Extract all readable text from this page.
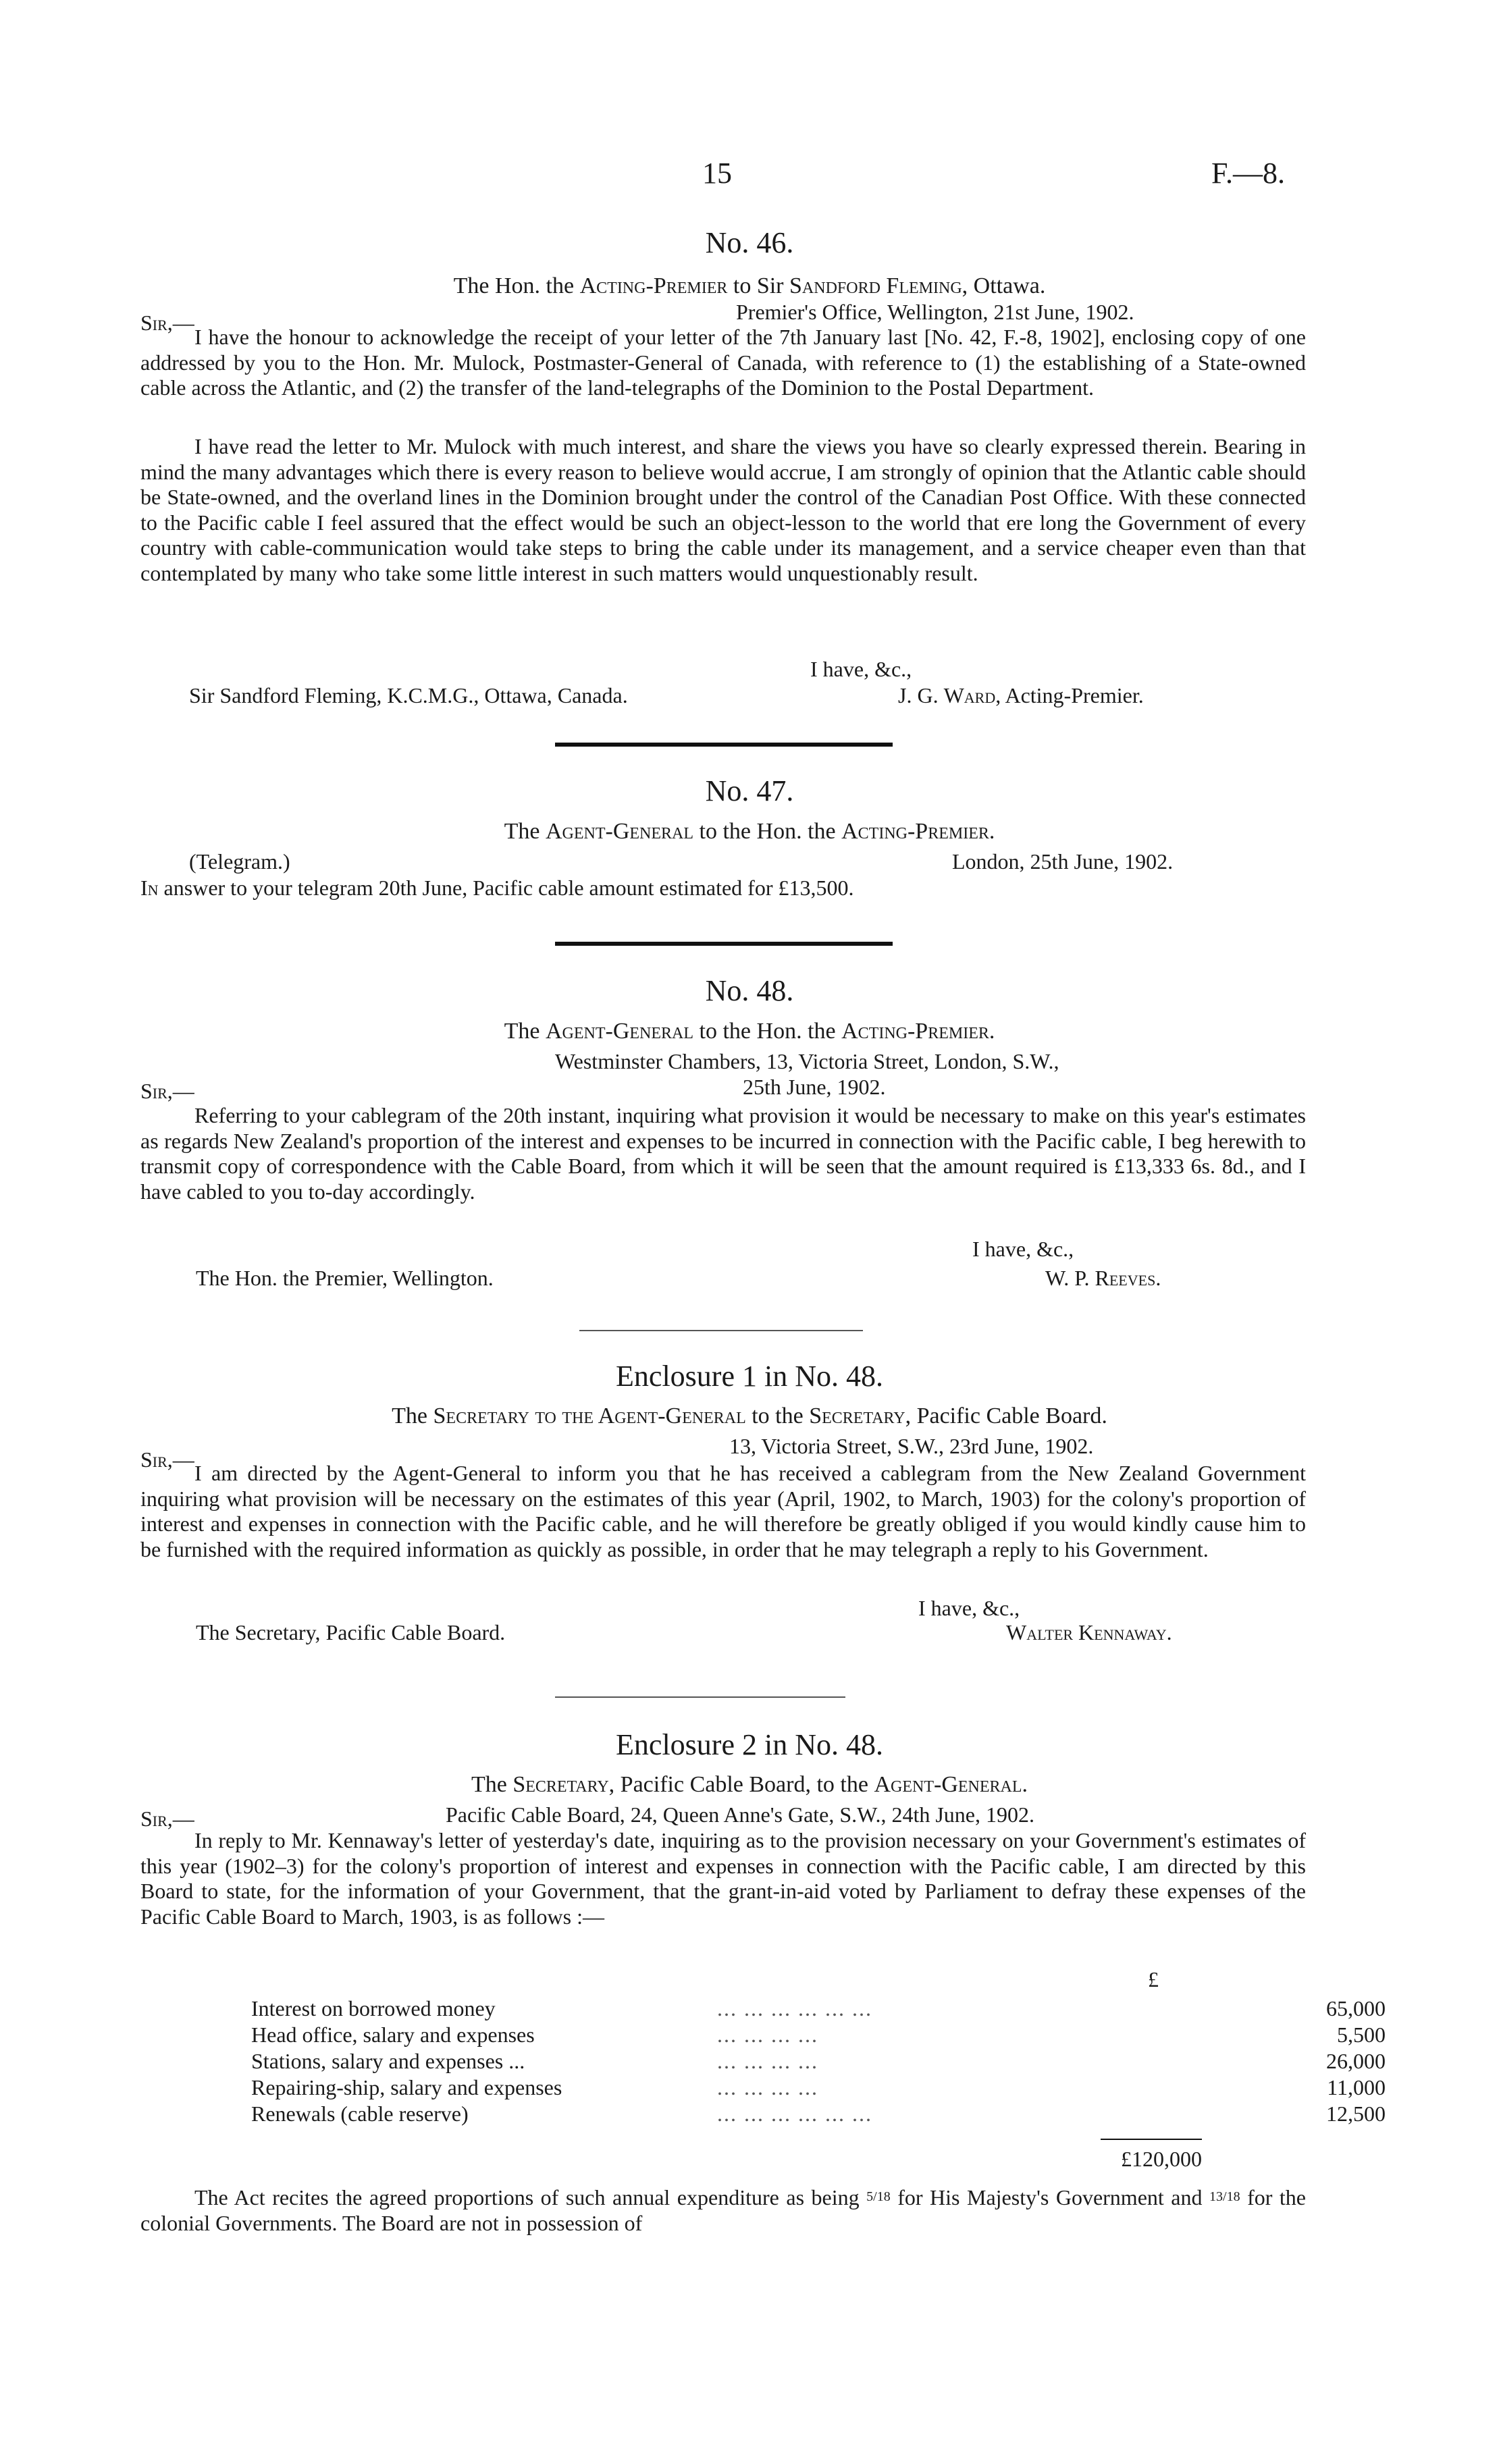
15	F.—8.
No. 46.
The Hon. the Acting-Premier to Sir Sandford Fleming, Ottawa.
Sir,—	Premier's Office, Wellington, 21st June, 1902.
I have the honour to acknowledge the receipt of your letter of the 7th January last [No. 42, F.-8, 1902], enclosing copy of one addressed by you to the Hon. Mr. Mulock, Postmaster-General of Canada, with reference to (1) the establishing of a State-owned cable across the Atlantic, and (2) the transfer of the land-telegraphs of the Dominion to the Postal Department.
I have read the letter to Mr. Mulock with much interest, and share the views you have so clearly expressed therein. Bearing in mind the many advantages which there is every reason to believe would accrue, I am strongly of opinion that the Atlantic cable should be State-owned, and the overland lines in the Dominion brought under the control of the Canadian Post Office. With these connected to the Pacific cable I feel assured that the effect would be such an object-lesson to the world that ere long the Government of every country with cable-communication would take steps to bring the cable under its management, and a service cheaper even than that contemplated by many who take some little interest in such matters would unquestionably result.
I have, &c.,
Sir Sandford Fleming, K.C.M.G., Ottawa, Canada.	J. G. Ward, Acting-Premier.
No. 47.
The Agent-General to the Hon. the Acting-Premier.
(Telegram.)	London, 25th June, 1902.
In answer to your telegram 20th June, Pacific cable amount estimated for £13,500.
No. 48.
The Agent-General to the Hon. the Acting-Premier.
Westminster Chambers, 13, Victoria Street, London, S.W.,
Sir,—	25th June, 1902.
Referring to your cablegram of the 20th instant, inquiring what provision it would be necessary to make on this year's estimates as regards New Zealand's proportion of the interest and expenses to be incurred in connection with the Pacific cable, I beg herewith to transmit copy of correspondence with the Cable Board, from which it will be seen that the amount required is £13,333 6s. 8d., and I have cabled to you to-day accordingly.
I have, &c.,
The Hon. the Premier, Wellington.	W. P. Reeves.
Enclosure 1 in No. 48.
The Secretary to the Agent-General to the Secretary, Pacific Cable Board.
Sir,—
13, Victoria Street, S.W., 23rd June, 1902.
I am directed by the Agent-General to inform you that he has received a cablegram from the New Zealand Government inquiring what provision will be necessary on the estimates of this year (April, 1902, to March, 1903) for the colony's proportion of interest and expenses in connection with the Pacific cable, and he will therefore be greatly obliged if you would kindly cause him to be furnished with the required information as quickly as possible, in order that he may telegraph a reply to his Government.
I have, &c.,
The Secretary, Pacific Cable Board.	Walter Kennaway.
Enclosure 2 in No. 48.
The Secretary, Pacific Cable Board, to the Agent-General.
Sir,—	Pacific Cable Board, 24, Queen Anne's Gate, S.W., 24th June, 1902.
In reply to Mr. Kennaway's letter of yesterday's date, inquiring as to the provision necessary on your Government's estimates of this year (1902–3) for the colony's proportion of interest and expenses in connection with the Pacific cable, I am directed by this Board to state, for the information of your Government, that the grant-in-aid voted by Parliament to defray these expenses of the Pacific Cable Board to March, 1903, is as follows :—
£
Interest on borrowed money	... ... ... ... ... ...	65,000
Head office, salary and expenses	... ... ... ...	5,500
Stations, salary and expenses ...	... ... ... ...	26,000
Repairing-ship, salary and expenses	... ... ... ...	11,000
Renewals (cable reserve)	... ... ... ... ... ...	12,500
£120,000
The Act recites the agreed proportions of such annual expenditure as being 5/18 for His Majesty's Government and 13/18 for the colonial Governments. The Board are not in possession of
